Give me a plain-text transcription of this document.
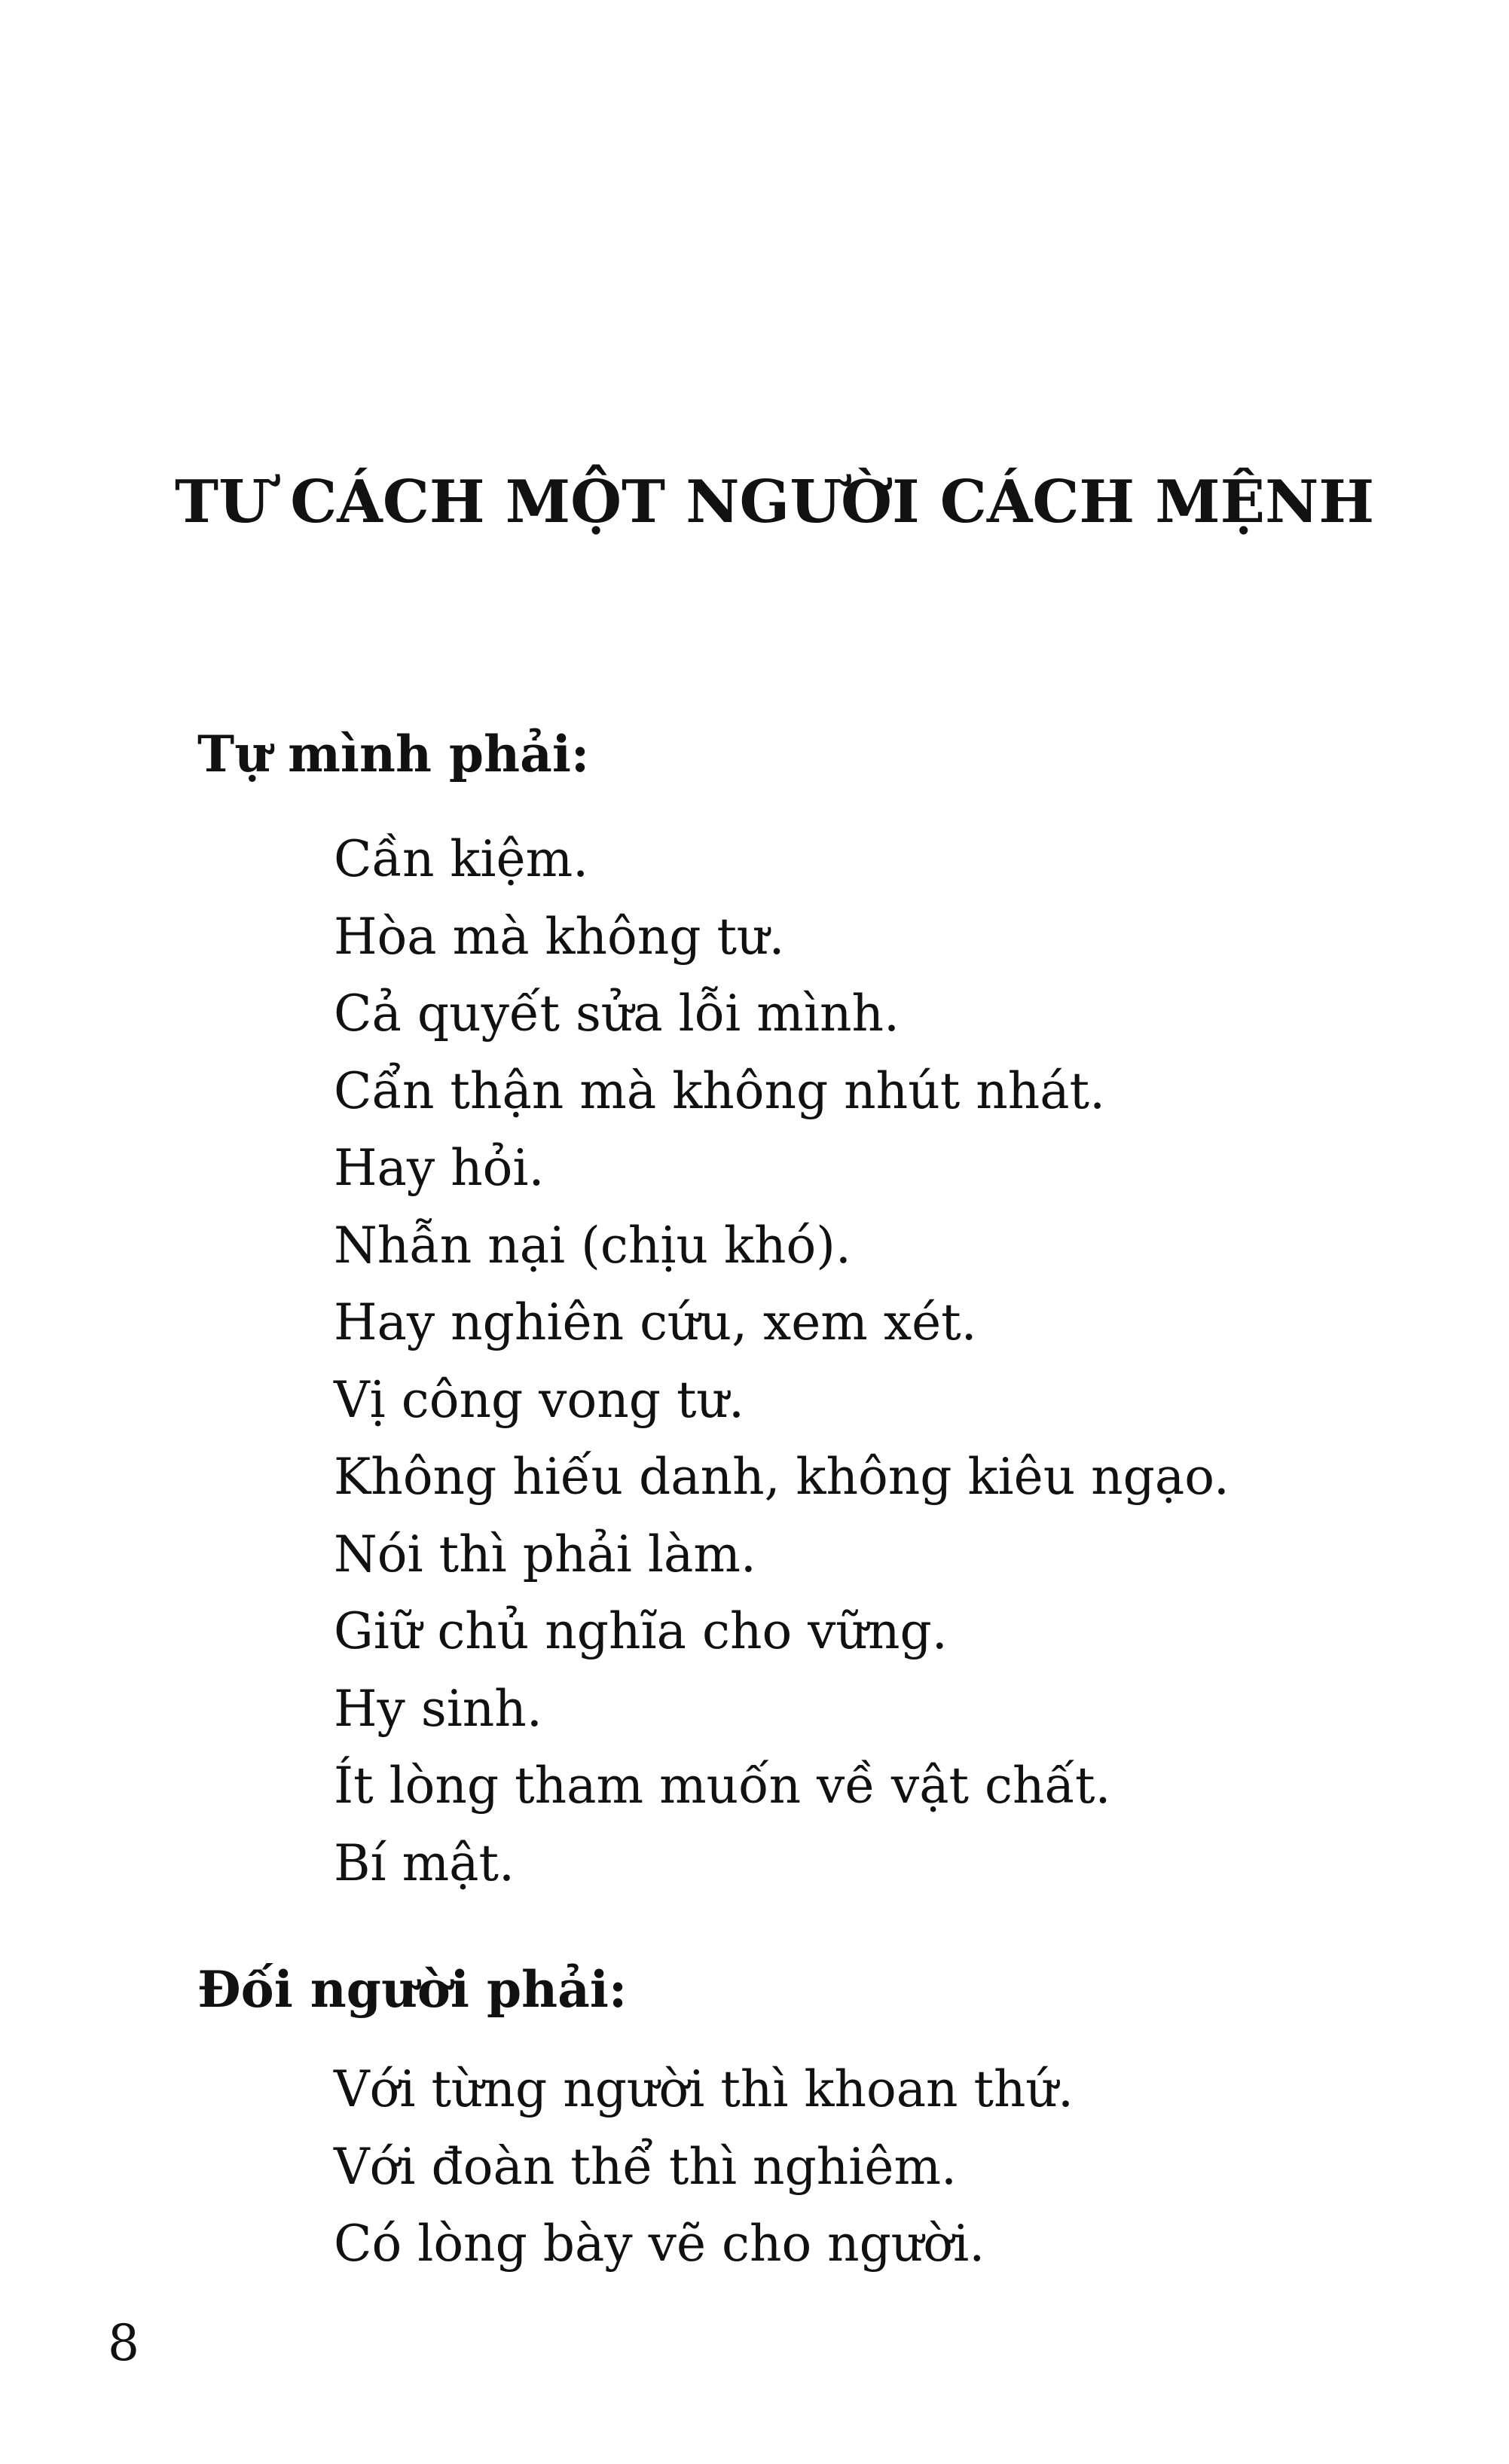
TƯ CÁCH MỘT NGƯỜI CÁCH MỆNH
Tự mình phải:
Cần kiệm.
Hòa mà không tư.
Cả quyết sửa lỗi mình.
Cẩn thận mà không nhút nhát.
Hay hỏi.
Nhẫn nại (chịu khó).
Hay nghiên cứu, xem xét.
Vị công vong tư.
Không hiếu danh, không kiêu ngạo.
Nói thì phải làm.
Giữ chủ nghĩa cho vững.
Hy sinh.
Ít lòng tham muốn về vật chất.
Bí mật.
Đối người phải:
Với từng người thì khoan thứ.
Với đoàn thể thì nghiêm.
Có lòng bày vẽ cho người.
8
